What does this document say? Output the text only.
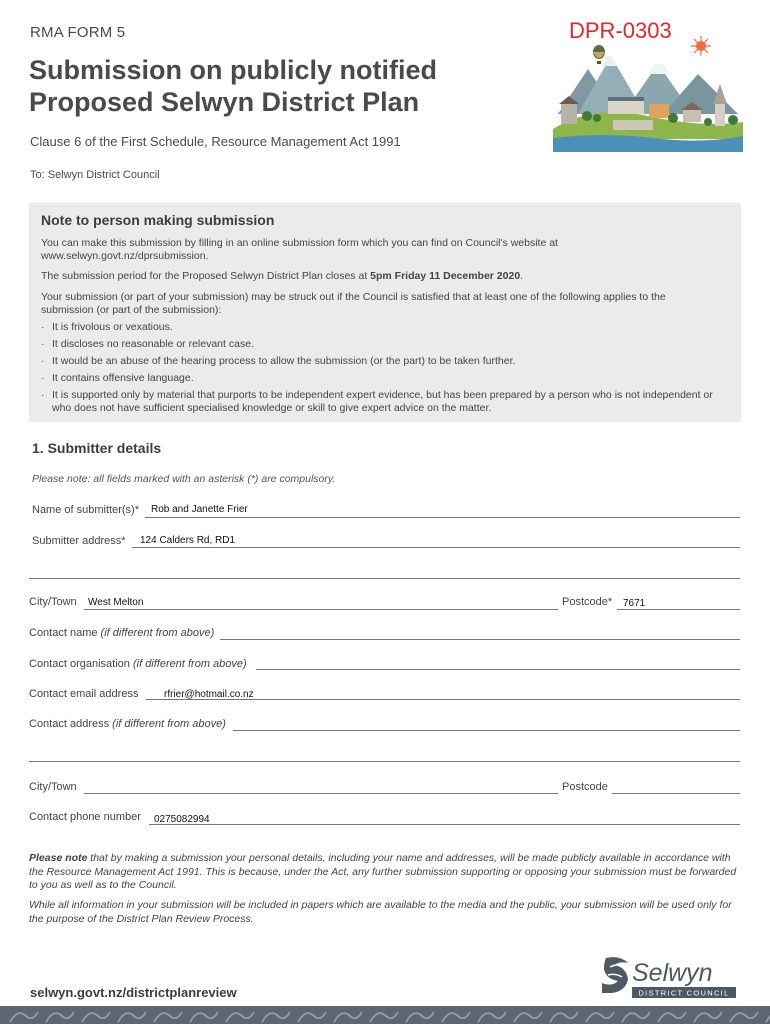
RMA FORM 5	DPR-0303
Submission on publicly notified
Proposed Selwyn District Plan
Clause 6 of the First Schedule, Resource Management Act 1991
To: Selwyn District Council
Note to person making submission
You can make this submission by filling in an online submission form which you can find on Council's website at www.selwyn.govt.nz/dprsubmission.
The submission period for the Proposed Selwyn District Plan closes at 5pm Friday 11 December 2020.
Your submission (or part of your submission) may be struck out if the Council is satisfied that at least one of the following applies to the submission (or part of the submission):
· It is frivolous or vexatious.
· It discloses no reasonable or relevant case.
· It would be an abuse of the hearing process to allow the submission (or the part) to be taken further.
· It contains offensive language.
· It is supported only by material that purports to be independent expert evidence, but has been prepared by a person who is not independent or who does not have sufficient specialised knowledge or skill to give expert advice on the matter.
1. Submitter details
Please note: all fields marked with an asterisk (*) are compulsory.
Name of submitter(s)* Rob and Janette Frier
Submitter address* 124 Calders Rd, RD1
City/Town West Melton	Postcode* 7671
Contact name (if different from above)
Contact organisation (if different from above)
Contact email address	rfrier@hotmail.co.nz
Contact address (if different from above)
City/Town	Postcode
Contact phone number 0275082994
Please note that by making a submission your personal details, including your name and addresses, will be made publicly available in accordance with the Resource Management Act 1991. This is because, under the Act, any further submission supporting or opposing your submission must be forwarded to you as well as to the Council.
While all information in your submission will be included in papers which are available to the media and the public, your submission will be used only for the purpose of the District Plan Review Process.
selwyn.govt.nz/districtplanreview
Selwyn
DISTRICT COUNCIL
